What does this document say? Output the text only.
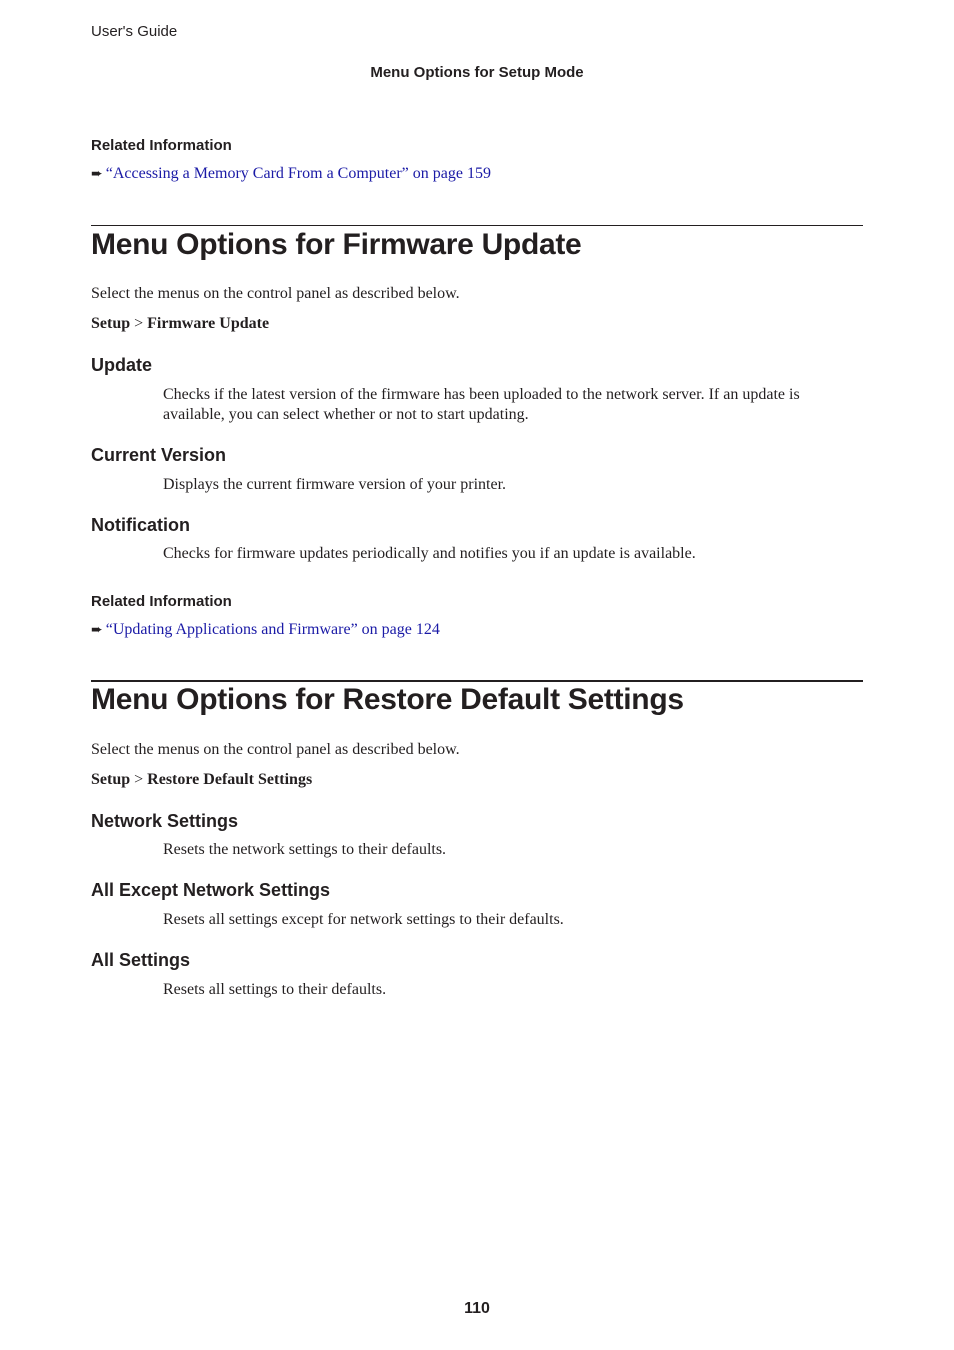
User's Guide
Menu Options for Setup Mode
Related Information
➨ “Accessing a Memory Card From a Computer” on page 159
Menu Options for Firmware Update
Select the menus on the control panel as described below.
Setup > Firmware Update
Update
Checks if the latest version of the firmware has been uploaded to the network server. If an update is available, you can select whether or not to start updating.
Current Version
Displays the current firmware version of your printer.
Notification
Checks for firmware updates periodically and notifies you if an update is available.
Related Information
➨ “Updating Applications and Firmware” on page 124
Menu Options for Restore Default Settings
Select the menus on the control panel as described below.
Setup > Restore Default Settings
Network Settings
Resets the network settings to their defaults.
All Except Network Settings
Resets all settings except for network settings to their defaults.
All Settings
Resets all settings to their defaults.
110
